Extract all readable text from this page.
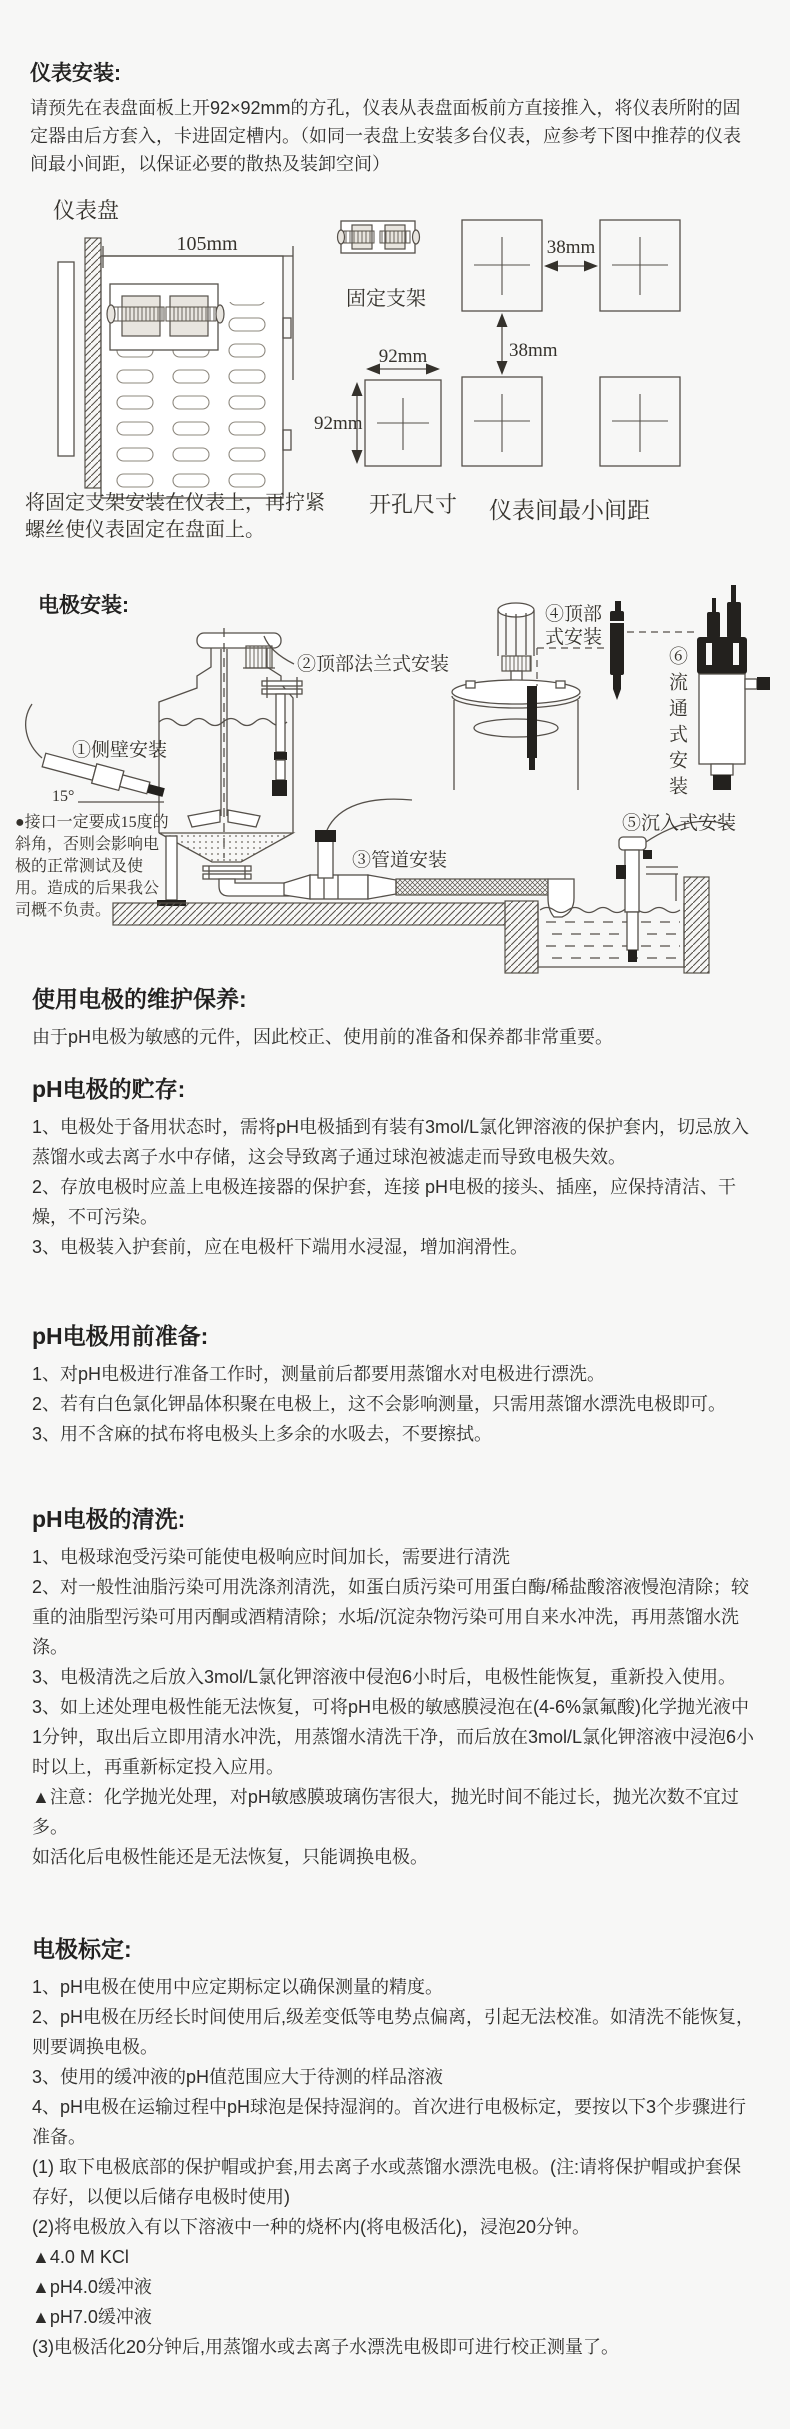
仪表安装:

请预先在表盘面板上开92×92mm的方孔，仪表从表盘面板前方直接推入，将仪表所附的固定器由后方套入，卡进固定槽内。（如同一表盘上安装多台仪表，应参考下图中推荐的仪表间最小间距，以保证必要的散热及装卸空间）

仪表盘
105mm
固定支架
38mm
38mm
92mm
92mm
开孔尺寸 仪表间最小间距
将固定支架安装在仪表上，再拧紧
螺丝使仪表固定在盘面上。
电极安装:
15°
①侧壁安装
②顶部法兰式安装
④顶部
式安装
③管道安装
⑤沉入式安装
⑥流通式安装
●接口一定要成15度的斜角，否则会影响电极的正常测试及使用。造成的后果我公司概不负责。
使用电极的维护保养:

由于pH电极为敏感的元件，因此校正、使用前的准备和保养都非常重要。

pH电极的贮存:

1、电极处于备用状态时，需将pH电极插到有装有3mol/L氯化钾溶液的保护套内，切忌放入蒸馏水或去离子水中存储，这会导致离子通过球泡被滤走而导致电极失效。

2、存放电极时应盖上电极连接器的保护套，连接 pH电极的接头、插座，应保持清洁、干燥，不可污染。

3、电极装入护套前，应在电极杆下端用水浸湿，增加润滑性。

pH电极用前准备:

1、对pH电极进行准备工作时，测量前后都要用蒸馏水对电极进行漂洗。

2、若有白色氯化钾晶体积聚在电极上，这不会影响测量，只需用蒸馏水漂洗电极即可。

3、用不含麻的拭布将电极头上多余的水吸去，不要擦拭。

pH电极的清洗:

1、电极球泡受污染可能使电极响应时间加长，需要进行清洗

2、对一般性油脂污染可用洗涤剂清洗，如蛋白质污染可用蛋白酶/稀盐酸溶液慢泡清除；较重的油脂型污染可用丙酮或酒精清除；水垢/沉淀杂物污染可用自来水冲洗，再用蒸馏水洗涤。

3、电极清洗之后放入3mol/L氯化钾溶液中侵泡6小时后，电极性能恢复，重新投入使用。

3、如上述处理电极性能无法恢复，可将pH电极的敏感膜浸泡在(4-6%氯氟酸)化学抛光液中1分钟，取出后立即用清水冲洗，用蒸馏水清洗干净，而后放在3mol/L氯化钾溶液中浸泡6小时以上，再重新标定投入应用。

▲注意：化学抛光处理，对pH敏感膜玻璃伤害很大，抛光时间不能过长，抛光次数不宜过多。

如活化后电极性能还是无法恢复，只能调换电极。

电极标定:

1、pH电极在使用中应定期标定以确保测量的精度。

2、pH电极在历经长时间使用后,级差变低等电势点偏离，引起无法校准。如清洗不能恢复，则要调换电极。

3、使用的缓冲液的pH值范围应大于待测的样品溶液

4、pH电极在运输过程中pH球泡是保持湿润的。首次进行电极标定，要按以下3个步骤进行准备。

(1) 取下电极底部的保护帽或护套,用去离子水或蒸馏水漂洗电极。(注:请将保护帽或护套保存好，以便以后储存电极时使用)

(2)将电极放入有以下溶液中一种的烧杯内(将电极活化)，浸泡20分钟。

▲4.0 M KCl

▲pH4.0缓冲液

▲pH7.0缓冲液

(3)电极活化20分钟后,用蒸馏水或去离子水漂洗电极即可进行校正测量了。
